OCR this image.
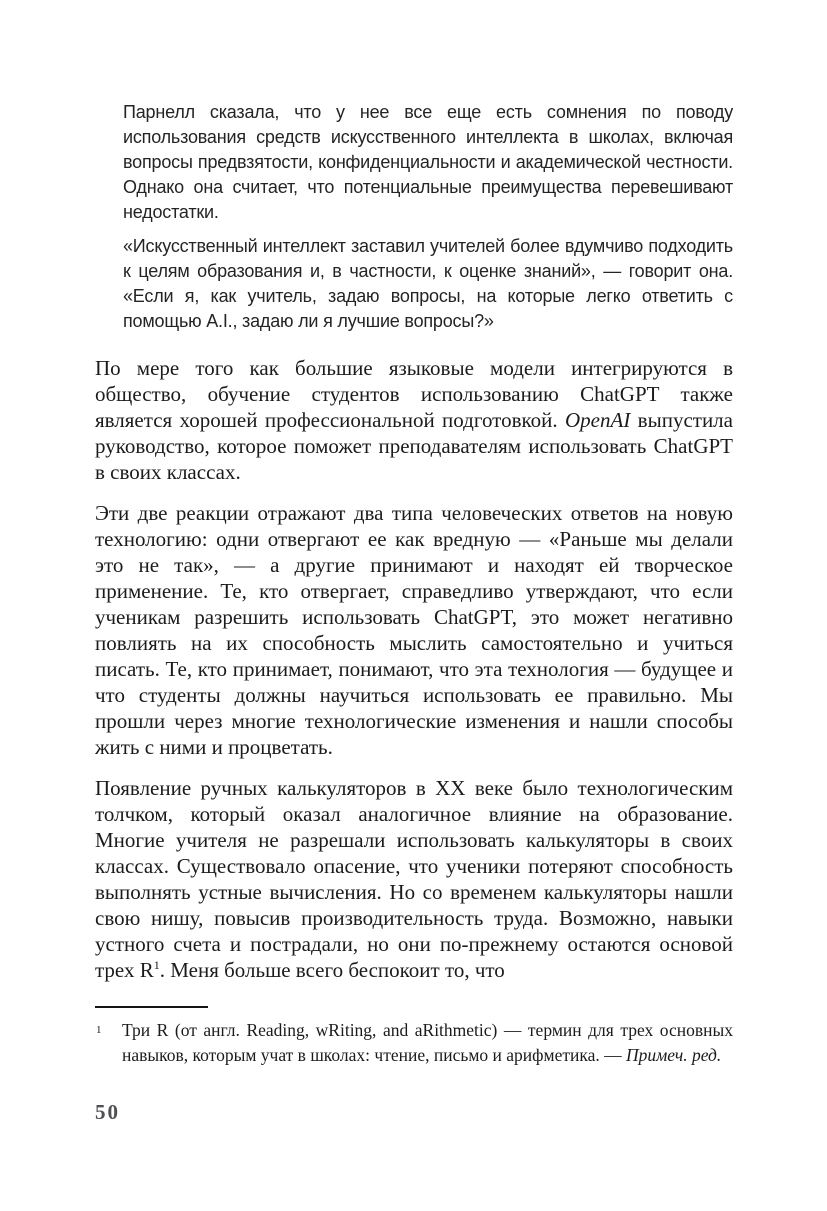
Парнелл сказала, что у нее все еще есть сомнения по поводу использования средств искусственного интеллекта в школах, включая вопросы предвзятости, конфиденциальности и академической честности. Однако она считает, что потенциальные преимущества перевешивают недостатки.
«Искусственный интеллект заставил учителей более вдумчиво подходить к целям образования и, в частности, к оценке знаний», — говорит она. «Если я, как учитель, задаю вопросы, на которые легко ответить с помощью A.I., задаю ли я лучшие вопросы?»

По мере того как большие языковые модели интегрируются в общество, обучение студентов использованию ChatGPT также является хорошей профессиональной подготовкой. OpenAI выпустила руководство, которое поможет преподавателям использовать ChatGPT в своих классах.

Эти две реакции отражают два типа человеческих ответов на новую технологию: одни отвергают ее как вредную — «Раньше мы делали это не так», — а другие принимают и находят ей творческое применение. Те, кто отвергает, справедливо утверждают, что если ученикам разрешить использовать ChatGPT, это может негативно повлиять на их способность мыслить самостоятельно и учиться писать. Те, кто принимает, понимают, что эта технология — будущее и что студенты должны научиться использовать ее правильно. Мы прошли через многие технологические изменения и нашли способы жить с ними и процветать.

Появление ручных калькуляторов в XX веке было технологическим толчком, который оказал аналогичное влияние на образование. Многие учителя не разрешали использовать калькуляторы в своих классах. Существовало опасение, что ученики потеряют способность выполнять устные вычисления. Но со временем калькуляторы нашли свою нишу, повысив производительность труда. Возможно, навыки устного счета и пострадали, но они по-прежнему остаются основой трех R$^1$. Меня больше всего беспокоит то, что

1 Три R (от англ. Reading, wRiting, and aRithmetic) — термин для трех основных навыков, которым учат в школах: чтение, письмо и арифметика. — Примеч. ред.
50
